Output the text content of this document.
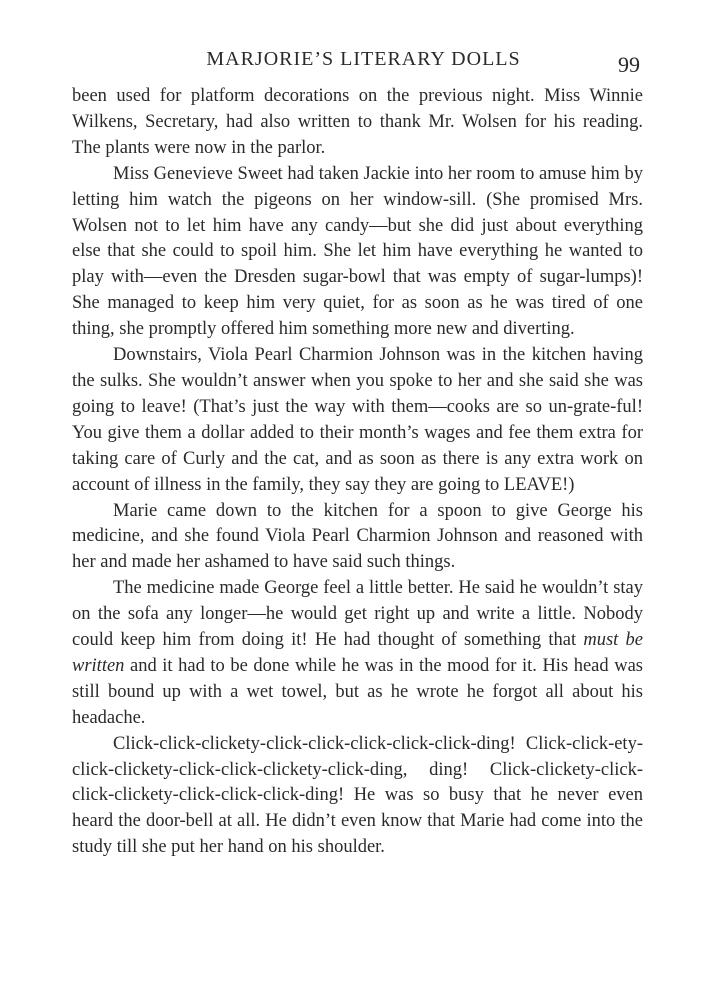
MARJORIE’S LITERARY DOLLS	99

been used for platform decorations on the previous night. Miss Winnie Wilkens, Secretary, had also written to thank Mr. Wolsen for his reading. The plants were now in the parlor.

Miss Genevieve Sweet had taken Jackie into her room to amuse him by letting him watch the pigeons on her window-sill. (She promised Mrs. Wolsen not to let him have any candy—but she did just about everything else that she could to spoil him. She let him have everything he wanted to play with—even the Dresden sugar-bowl that was empty of sugar-lumps)! She managed to keep him very quiet, for as soon as he was tired of one thing, she promptly offered him something more new and diverting.

Downstairs, Viola Pearl Charmion Johnson was in the kitchen having the sulks. She wouldn’t answer when you spoke to her and she said she was going to leave! (That’s just the way with them—cooks are so un-grate-ful! You give them a dollar added to their month’s wages and fee them extra for taking care of Curly and the cat, and as soon as there is any extra work on account of illness in the family, they say they are going to LEAVE!)

Marie came down to the kitchen for a spoon to give George his medicine, and she found Viola Pearl Charmion Johnson and reasoned with her and made her ashamed to have said such things.

The medicine made George feel a little better. He said he wouldn’t stay on the sofa any longer—he would get right up and write a little. Nobody could keep him from doing it! He had thought of something that must be written and it had to be done while he was in the mood for it. His head was still bound up with a wet towel, but as he wrote he forgot all about his headache.

Click-click-clickety-click-click-click-click-click-ding! Click-click-ety-click-clickety-click-click-clickety-click-ding, ding! Click-clickety-click-click-clickety-click-click-click-ding! He was so busy that he never even heard the door-bell at all. He didn’t even know that Marie had come into the study till she put her hand on his shoulder.
